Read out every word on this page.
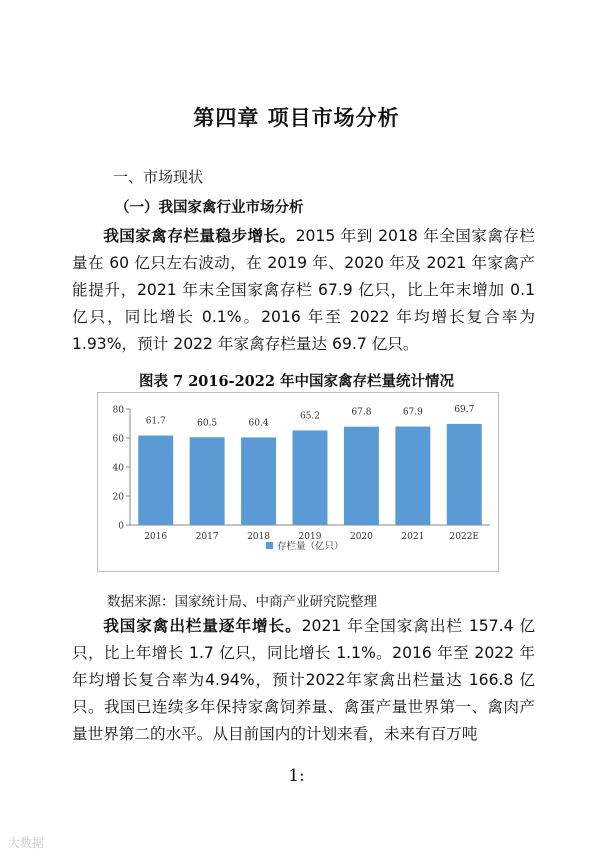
第四章 项目市场分析
一、市场现状
（一）我国家禽行业市场分析
我国家禽存栏量稳步增长。2015 年到 2018 年全国家禽存栏量在 60 亿只左右波动，在 2019 年、2020 年及 2021 年家禽产能提升，2021 年末全国家禽存栏 67.9 亿只，比上年末增加 0.1 亿只，同比增长 0.1%。2016 年至 2022 年均增长复合率为 1.93%，预计 2022 年家禽存栏量达 69.7 亿只。
图表 7 2016-2022 年中国家禽存栏量统计情况
0
20
40
60
80
61.7
2016
60.5
2017
60.4
2018
65.2
2019
67.8
2020
67.9
2021
69.7
2022E
存栏量（亿只）
数据来源：国家统计局、中商产业研究院整理
我国家禽出栏量逐年增长。2021 年全国家禽出栏 157.4 亿只，比上年增长 1.7 亿只，同比增长 1.1%。2016 年至 2022 年年均增长复合率为4.94%，预计2022年家禽出栏量达 166.8 亿只。我国已连续多年保持家禽饲养量、禽蛋产量世界第一、禽肉产量世界第二的水平。从目前国内的计划来看，未来有百万吨
1:
大数据
